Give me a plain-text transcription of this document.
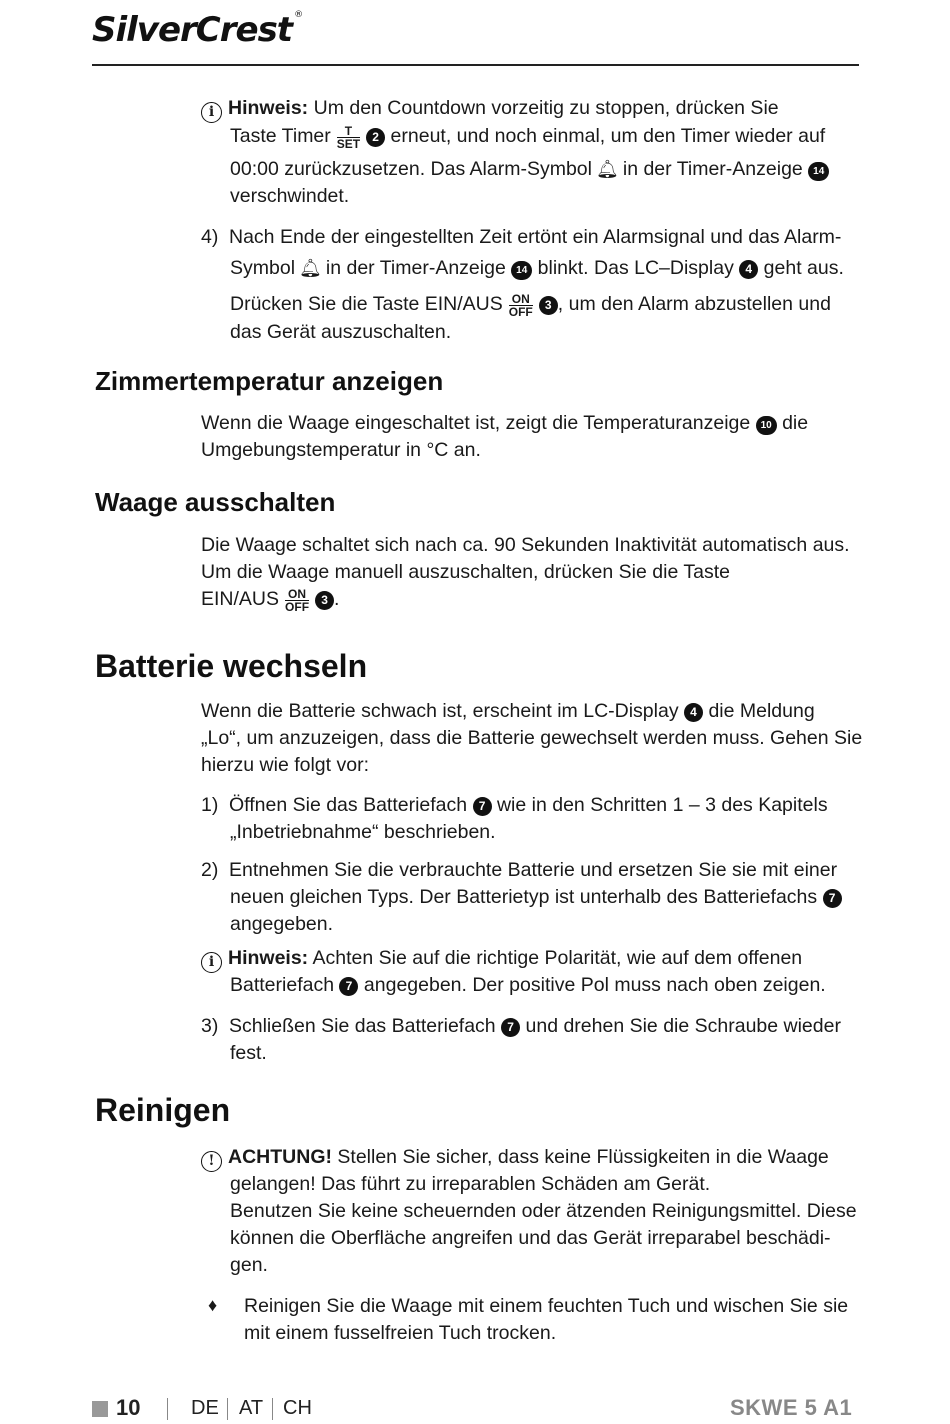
SilverCrest ®
i Hinweis: Um den Countdown vorzeitig zu stoppen, drücken Sie
Taste Timer	T
SET 2 erneut, und noch einmal, um den Timer wieder auf
00:00 zurückzusetzen. Das Alarm-Symbol 🔔︎ in der Timer-Anzeige 14
verschwindet.
4) Nach Ende der eingestellten Zeit ertönt ein Alarmsignal und das Alarm-
Symbol 🔔︎ in der Timer-Anzeige 14 blinkt. Das LC–Display 4 geht aus.
Drücken Sie die Taste EIN/AUS ON
OFF 3 , um den Alarm abzustellen und
das Gerät auszuschalten.
Zimmertemperatur anzeigen
Wenn die Waage eingeschaltet ist, zeigt die Temperaturanzeige 10 die
Umgebungstemperatur in °C an.
Waage ausschalten
Die Waage schaltet sich nach ca. 90 Sekunden Inaktivität automatisch aus.
Um die Waage manuell auszuschalten, drücken Sie die Taste
EIN/AUS ON
OFF 3 .
Batterie wechseln
Wenn die Batterie schwach ist, erscheint im LC-Display 4 die Meldung
„Lo“, um anzuzeigen, dass die Batterie gewechselt werden muss. Gehen Sie
hierzu wie folgt vor:
1) Öffnen Sie das Batteriefach 7 wie in den Schritten 1 – 3 des Kapitels
„Inbetriebnahme“ beschrieben.
2) Entnehmen Sie die verbrauchte Batterie und ersetzen Sie sie mit einer
neuen gleichen Typs. Der Batterietyp ist unterhalb des Batteriefachs 7
angegeben.
i Hinweis: Achten Sie auf die richtige Polarität, wie auf dem offenen
Batteriefach 7 angegeben. Der positive Pol muss nach oben zeigen.
3) Schließen Sie das Batteriefach 7 und drehen Sie die Schraube wieder
fest.
Reinigen
! ACHTUNG! Stellen Sie sicher, dass keine Flüssigkeiten in die Waage
gelangen! Das führt zu irreparablen Schäden am Gerät.
Benutzen Sie keine scheuernden oder ätzenden Reinigungsmittel. Diese
können die Oberfläche angreifen und das Gerät irreparabel beschädi-
gen.
♦ Reinigen Sie die Waage mit einem feuchten Tuch und wischen Sie sie
mit einem fusselfreien Tuch trocken.
10	DE AT CH	SKWE 5 A1
